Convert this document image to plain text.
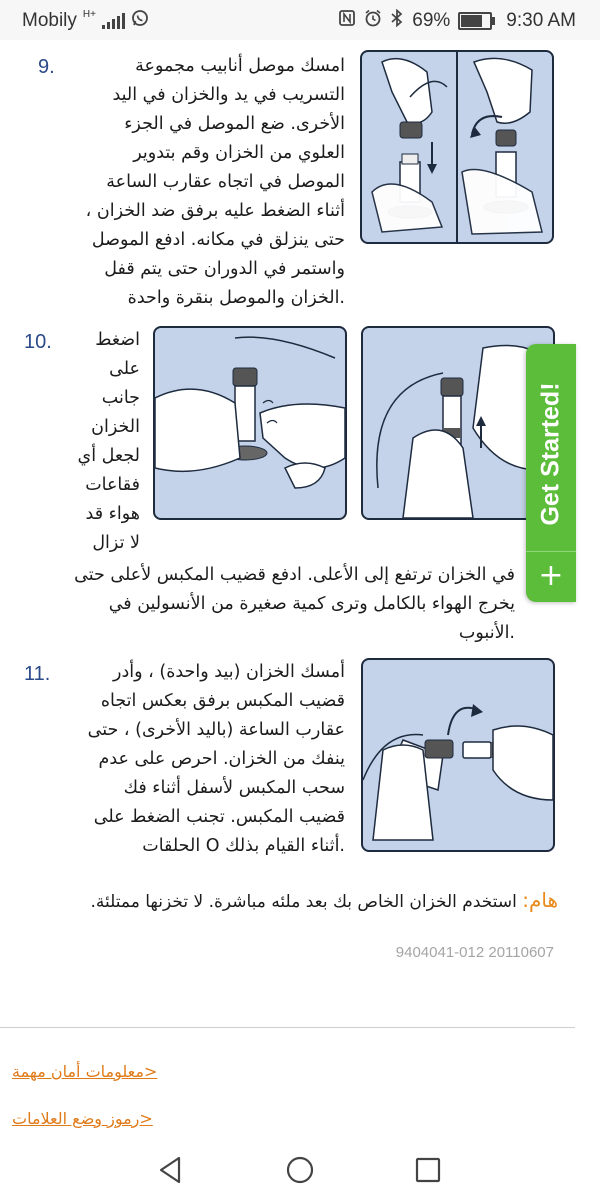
Mobily H+	69%	9:30 AM
9.	امسك موصل أنابيب مجموعة
التسريب في يد والخزان في اليد
الأخرى. ضع الموصل في الجزء
العلوي من الخزان وقم بتدوير
الموصل في اتجاه عقارب الساعة
أثناء الضغط عليه برفق ضد الخزان ،
حتى ينزلق في مكانه. ادفع الموصل
واستمر في الدوران حتى يتم قفل
.الخزان والموصل بنقرة واحدة
10.	اضغط
على
جانب
الخزان
لجعل أي
فقاعات
هواء قد
لا تزال
في الخزان ترتفع إلى الأعلى. ادفع قضيب المكبس لأعلى حتى
يخرج الهواء بالكامل وترى كمية صغيرة من الأنسولين في
.الأنبوب
11.	أمسك الخزان (بيد واحدة) ، وأدر
قضيب المكبس برفق بعكس اتجاه
عقارب الساعة (باليد الأخرى) ، حتى
ينفك من الخزان. احرص على عدم
سحب المكبس لأسفل أثناء فك
قضيب المكبس. تجنب الضغط على
.أثناء القيام بذلك O الحلقات
هام: استخدم الخزان الخاص بك بعد ملئه مباشرة. لا تخزنها ممتلئة.
9404041-012 20110607
<معلومات أمان مهمة
<رموز وضع العلامات
Get Started!
+
